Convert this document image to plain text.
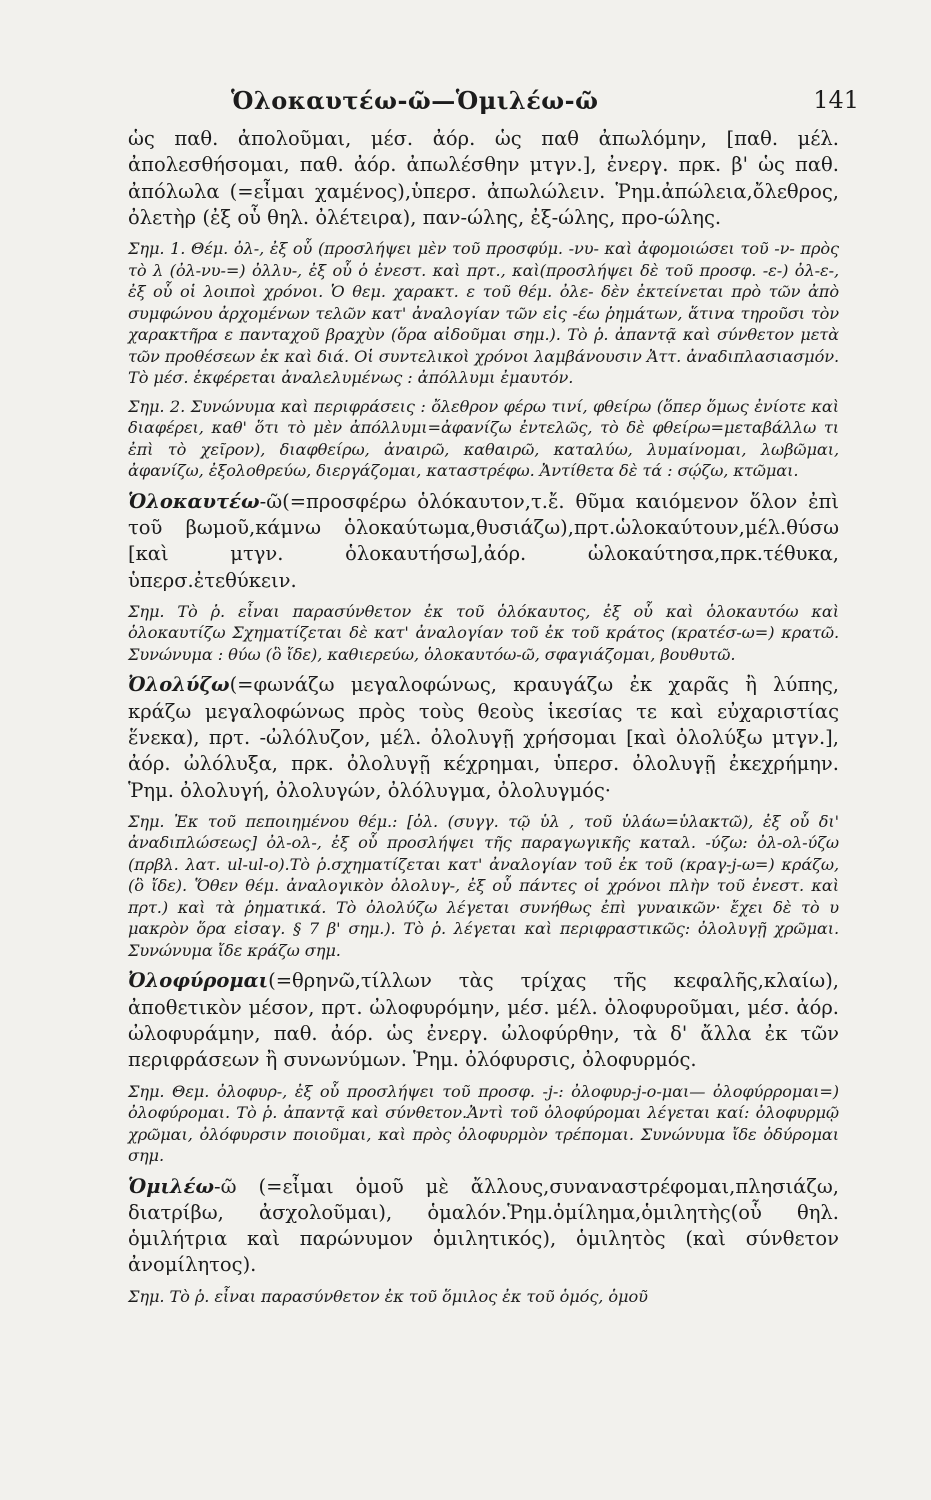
Ὁλοκαυτέω-ῶ—Ὁμιλέω-ῶ	141

ὡς παθ. ἀπολοῦμαι, μέσ. ἀόρ. ὡς παθ ἀπωλόμην, [παθ. μέλ. ἀπολεσθήσομαι, παθ. ἀόρ. ἀπωλέσθην μτγν.], ἐνεργ. πρκ. β' ὡς παθ. ἀπόλωλα (=εἶμαι χαμένος),ὑπερσ. ἀπωλώλειν. Ῥημ.ἀπώλεια,ὄλεθρος, ὀλετὴρ (ἐξ οὗ θηλ. ὀλέτειρα), παν-ώλης, ἐξ-ώλης, προ-ώλης.

Σημ. 1. Θέμ. ὀλ-, ἐξ οὗ (προσλήψει μὲν τοῦ προσφύμ. -νυ- καὶ ἀφομοιώσει τοῦ -ν- πρὸς τὸ λ (ὀλ-νυ-=) ὀλλυ-, ἐξ οὗ ὁ ἐνεστ. καὶ πρτ., καὶ(προσλήψει δὲ τοῦ προσφ. -ε-) ὀλ-ε-, ἐξ οὗ οἱ λοιποὶ χρόνοι. Ὁ θεμ. χαρακτ. ε τοῦ θέμ. ὀλε- δὲν ἐκτείνεται πρὸ τῶν ἀπὸ συμφώνου ἀρχομένων τελῶν κατ' ἀναλογίαν τῶν εἰς -έω ῥημάτων, ἅτινα τηροῦσι τὸν χαρακτῆρα ε πανταχοῦ βραχὺν (ὅρα αἰδοῦμαι σημ.). Τὸ ῥ. ἀπαντᾷ καὶ σύνθετον μετὰ τῶν προθέσεων ἐκ καὶ διά. Οἱ συντελικοὶ χρόνοι λαμβάνουσιν Ἀττ. ἀναδιπλασιασμόν. Τὸ μέσ. ἐκφέρεται ἀναλελυμένως : ἀπόλλυμι ἐμαυτόν.

Σημ. 2. Συνώνυμα καὶ περιφράσεις : ὄλεθρον φέρω τινί, φθείρω (ὅπερ ὅμως ἐνίοτε καὶ διαφέρει, καθ' ὅτι τὸ μὲν ἀπόλλυμι=ἀφανίζω ἐντελῶς, τὸ δὲ φθείρω=μεταβάλλω τι ἐπὶ τὸ χεῖρον), διαφθείρω, ἀναιρῶ, καθαιρῶ, καταλύω, λυμαίνομαι, λωβῶμαι, ἀφανίζω, ἐξολοθρεύω, διεργάζομαι, καταστρέφω. Ἀντίθετα δὲ τά : σῴζω, κτῶμαι.

Ὁλοκαυτέω-ῶ(=προσφέρω ὁλόκαυτον,τ.ἔ. θῦμα καιόμενον ὅλον ἐπὶ τοῦ βωμοῦ,κάμνω ὁλοκαύτωμα,θυσιάζω),πρτ.ὡλοκαύτουν,μέλ.θύσω [καὶ μτγν. ὁλοκαυτήσω],ἀόρ. ὡλοκαύτησα,πρκ.τέθυκα, ὑπερσ.ἐτεθύκειν.

Σημ. Τὸ ῥ. εἶναι παρασύνθετον ἐκ τοῦ ὁλόκαυτος, ἐξ οὗ καὶ ὁλοκαυτόω καὶ ὁλοκαυτίζω Σχηματίζεται δὲ κατ' ἀναλογίαν τοῦ ἐκ τοῦ κράτος (κρατέσ-ω=) κρατῶ. Συνώνυμα : θύω (ὃ ἴδε), καθιερεύω, ὁλοκαυτόω-ῶ, σφαγιάζομαι, βουθυτῶ.

Ὀλολύζω(=φωνάζω μεγαλοφώνως, κραυγάζω ἐκ χαρᾶς ἢ λύπης, κράζω μεγαλοφώνως πρὸς τοὺς θεοὺς ἱκεσίας τε καὶ εὐχαριστίας ἕνεκα), πρτ. -ὠλόλυζον, μέλ. ὀλολυγῇ χρήσομαι [καὶ ὀλολύξω μτγν.], ἀόρ. ὠλόλυξα, πρκ. ὀλολυγῇ κέχρημαι, ὑπερσ. ὀλολυγῇ ἐκεχρήμην. Ῥημ. ὀλολυγή, ὀλολυγών, ὀλόλυγμα, ὀλολυγμός·

Σημ. Ἐκ τοῦ πεποιημένου θέμ.: [ὀλ. (συγγ. τῷ ὑλ , τοῦ ὑλάω=ὑλακτῶ), ἐξ οὗ δι' ἀναδιπλώσεως] ὀλ-ολ-, ἐξ οὗ προσλήψει τῆς παραγωγικῆς καταλ. -ύζω: ὀλ-ολ-ύζω (πρβλ. λατ. ul-ul-o).Τὸ ῥ.σχηματίζεται κατ' ἀναλογίαν τοῦ ἐκ τοῦ (κραγ-j-ω=) κράζω, (ὃ ἴδε). Ὅθεν θέμ. ἀναλογικὸν ὀλολυγ-, ἐξ οὗ πάντες οἱ χρόνοι πλὴν τοῦ ἐνεστ. καὶ πρτ.) καὶ τὰ ῥηματικά. Τὸ ὀλολύζω λέγεται συνήθως ἐπὶ γυναικῶν· ἔχει δὲ τὸ υ μακρὸν ὅρα εἰσαγ. § 7 β' σημ.). Τὸ ῥ. λέγεται καὶ περιφραστικῶς: ὀλολυγῇ χρῶμαι. Συνώνυμα ἴδε κράζω σημ.

Ὀλοφύρομαι(=θρηνῶ,τίλλων τὰς τρίχας τῆς κεφαλῆς,κλαίω), ἀποθετικὸν μέσον, πρτ. ὠλοφυρόμην, μέσ. μέλ. ὀλοφυροῦμαι, μέσ. ἀόρ. ὠλοφυράμην, παθ. ἀόρ. ὡς ἐνεργ. ὠλοφύρθην, τὰ δ' ἄλλα ἐκ τῶν περιφράσεων ἢ συνωνύμων. Ῥημ. ὀλόφυρσις, ὀλοφυρμός.

Σημ. Θεμ. ὀλοφυρ-, ἐξ οὗ προσλήψει τοῦ προσφ. -j-: ὀλοφυρ-j-ο-μαι— ὀλοφύρρομαι=) ὀλοφύρομαι. Τὸ ῥ. ἀπαντᾷ καὶ σύνθετον.Ἀντὶ τοῦ ὀλοφύρομαι λέγεται καί: ὀλοφυρμῷ χρῶμαι, ὀλόφυρσιν ποιοῦμαι, καὶ πρὸς ὀλοφυρμὸν τρέπομαι. Συνώνυμα ἴδε ὀδύρομαι σημ.

Ὁμιλέω-ῶ (=εἶμαι ὁμοῦ μὲ ἄλλους,συναναστρέφομαι,πλησιάζω, διατρίβω, ἀσχολοῦμαι), ὁμαλόν.Ῥημ.ὁμίλημα,ὁμιλητὴς(οὗ θηλ. ὁμιλήτρια καὶ παρώνυμον ὁμιλητικός), ὁμιλητὸς (καὶ σύνθετον ἀνομίλητος).

Σημ. Τὸ ῥ. εἶναι παρασύνθετον ἐκ τοῦ ὅμιλος ἐκ τοῦ ὁμός, ὁμοῦ
